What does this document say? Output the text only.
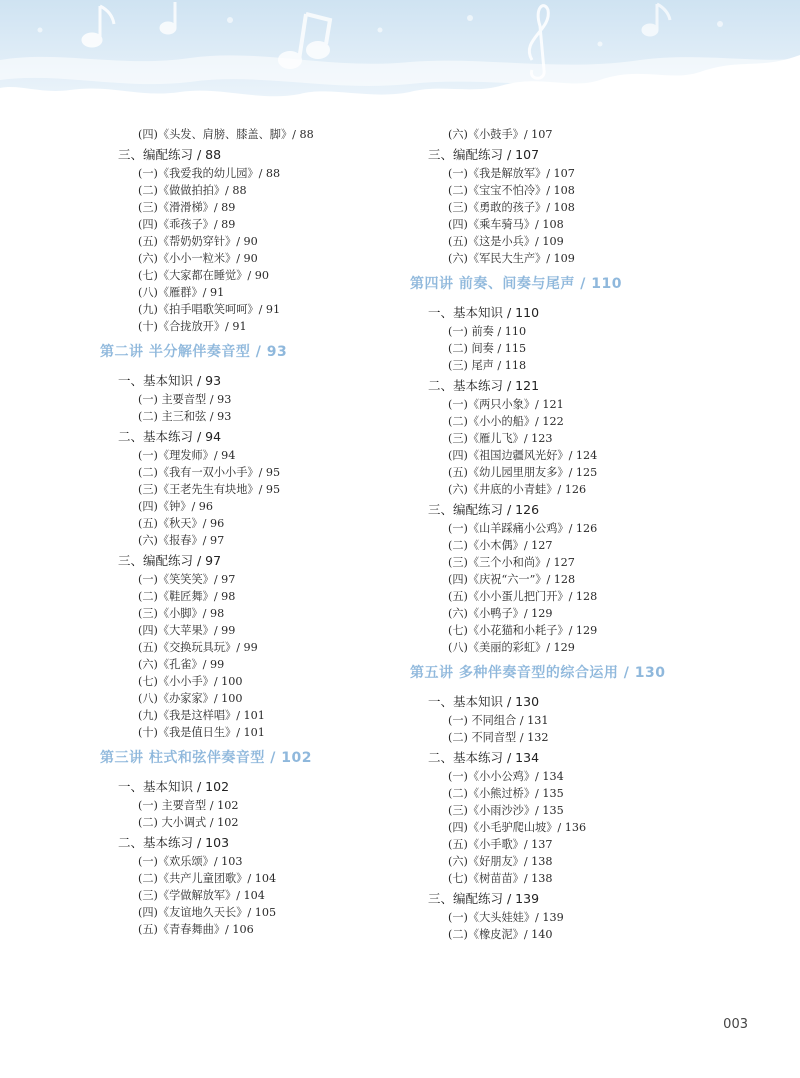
(四)《头发、肩膀、膝盖、脚》/ 88
三、编配练习 / 88
(一)《我爱我的幼儿园》/ 88
(二)《做做拍拍》/ 88
(三)《滑滑梯》/ 89
(四)《乖孩子》/ 89
(五)《帮奶奶穿针》/ 90
(六)《小小一粒米》/ 90
(七)《大家都在睡觉》/ 90
(八)《雁群》/ 91
(九)《拍手唱歌笑呵呵》/ 91
(十)《合拢放开》/ 91
第二讲 半分解伴奏音型 / 93
一、基本知识 / 93
(一) 主要音型 / 93
(二) 主三和弦 / 93
二、基本练习 / 94
(一)《理发师》/ 94
(二)《我有一双小小手》/ 95
(三)《王老先生有块地》/ 95
(四)《钟》/ 96
(五)《秋天》/ 96
(六)《报春》/ 97
三、编配练习 / 97
(一)《笑笑笑》/ 97
(二)《鞋匠舞》/ 98
(三)《小脚》/ 98
(四)《大苹果》/ 99
(五)《交换玩具玩》/ 99
(六)《孔雀》/ 99
(七)《小小手》/ 100
(八)《办家家》/ 100
(九)《我是这样唱》/ 101
(十)《我是值日生》/ 101
第三讲 柱式和弦伴奏音型 / 102
一、基本知识 / 102
(一) 主要音型 / 102
(二) 大小调式 / 102
二、基本练习 / 103
(一)《欢乐颂》/ 103
(二)《共产儿童团歌》/ 104
(三)《学做解放军》/ 104
(四)《友谊地久天长》/ 105
(五)《青春舞曲》/ 106
(六)《小鼓手》/ 107
三、编配练习 / 107
(一)《我是解放军》/ 107
(二)《宝宝不怕冷》/ 108
(三)《勇敢的孩子》/ 108
(四)《乘车骑马》/ 108
(五)《这是小兵》/ 109
(六)《军民大生产》/ 109
第四讲 前奏、间奏与尾声 / 110
一、基本知识 / 110
(一) 前奏 / 110
(二) 间奏 / 115
(三) 尾声 / 118
二、基本练习 / 121
(一)《两只小象》/ 121
(二)《小小的船》/ 122
(三)《雁儿飞》/ 123
(四)《祖国边疆风光好》/ 124
(五)《幼儿园里朋友多》/ 125
(六)《井底的小青蛙》/ 126
三、编配练习 / 126
(一)《山羊踩痛小公鸡》/ 126
(二)《小木偶》/ 127
(三)《三个小和尚》/ 127
(四)《庆祝“六一”》/ 128
(五)《小小蛋儿把门开》/ 128
(六)《小鸭子》/ 129
(七)《小花猫和小耗子》/ 129
(八)《美丽的彩虹》/ 129
第五讲 多种伴奏音型的综合运用 / 130
一、基本知识 / 130
(一) 不同组合 / 131
(二) 不同音型 / 132
二、基本练习 / 134
(一)《小小公鸡》/ 134
(二)《小熊过桥》/ 135
(三)《小雨沙沙》/ 135
(四)《小毛驴爬山坡》/ 136
(五)《小手歌》/ 137
(六)《好朋友》/ 138
(七)《树苗苗》/ 138
三、编配练习 / 139
(一)《大头娃娃》/ 139
(二)《橡皮泥》/ 140
003
